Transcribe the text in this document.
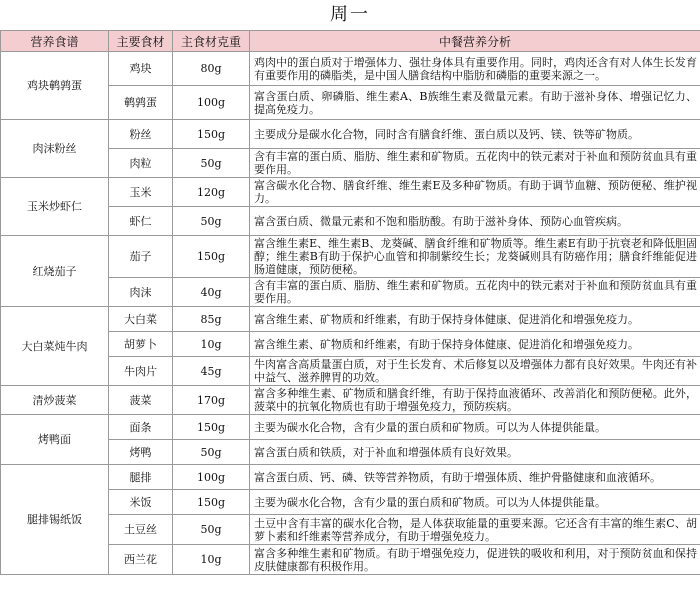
周一
营养食谱	主要食材	主食材克重	中餐营养分析
鸡块鹌鹑蛋	鸡块	80g	鸡肉中的蛋白质对于增强体力、强壮身体具有重要作用。同时，鸡肉还含有对人体生长发育有重要作用的磷脂类，是中国人膳食结构中脂肪和磷脂的重要来源之一。
	鹌鹑蛋	100g	富含蛋白质、卵磷脂、维生素A、B族维生素及微量元素。有助于滋补身体、增强记忆力、提高免疫力。
肉沫粉丝	粉丝	150g	主要成分是碳水化合物，同时含有膳食纤维、蛋白质以及钙、镁、铁等矿物质。
	肉粒	50g	含有丰富的蛋白质、脂肪、维生素和矿物质。五花肉中的铁元素对于补血和预防贫血具有重要作用。
玉米炒虾仁	玉米	120g	富含碳水化合物、膳食纤维、维生素E及多种矿物质。有助于调节血糖、预防便秘、维护视力。
	虾仁	50g	富含蛋白质、微量元素和不饱和脂肪酸。有助于滋补身体、预防心血管疾病。
红烧茄子	茄子	150g	富含维生素E、维生素B、龙葵碱、膳食纤维和矿物质等。维生素E有助于抗衰老和降低胆固醇；维生素B有助于保护心血管和抑制紫绞生长；龙葵碱则具有防癌作用；膳食纤维能促进肠道健康，预防便秘。
	肉沫	40g	含有丰富的蛋白质、脂肪、维生素和矿物质。五花肉中的铁元素对于补血和预防贫血具有重要作用。
大白菜炖牛肉	大白菜	85g	富含维生素、矿物质和纤维素，有助于保持身体健康、促进消化和增强免疫力。
	胡萝卜	10g	富含维生素、矿物质和纤维素，有助于保持身体健康、促进消化和增强免疫力。
	牛肉片	45g	牛肉富含高质量蛋白质，对于生长发育、术后修复以及增强体力都有良好效果。牛肉还有补中益气、滋养脾胃的功效。
清炒菠菜	菠菜	170g	富含多种维生素、矿物质和膳食纤维，有助于保持血液循环、改善消化和预防便秘。此外，菠菜中的抗氧化物质也有助于增强免疫力，预防疾病。
烤鸭面	面条	150g	主要为碳水化合物，含有少量的蛋白质和矿物质。可以为人体提供能量。
	烤鸭	50g	富含蛋白质和铁质，对于补血和增强体质有良好效果。
腿排锡纸饭	腿排	100g	富含蛋白质、钙、磷、铁等营养物质，有助于增强体质、维护骨骼健康和血液循环。
	米饭	150g	主要为碳水化合物，含有少量的蛋白质和矿物质。可以为人体提供能量。
	土豆丝	50g	土豆中含有丰富的碳水化合物，是人体获取能量的重要来源。它还含有丰富的维生素C、胡萝卜素和纤维素等营养成分，有助于增强免疫力。
	西兰花	10g	富含多种维生素和矿物质。有助于增强免疫力，促进铁的吸收和利用，对于预防贫血和保持皮肤健康都有积极作用。
